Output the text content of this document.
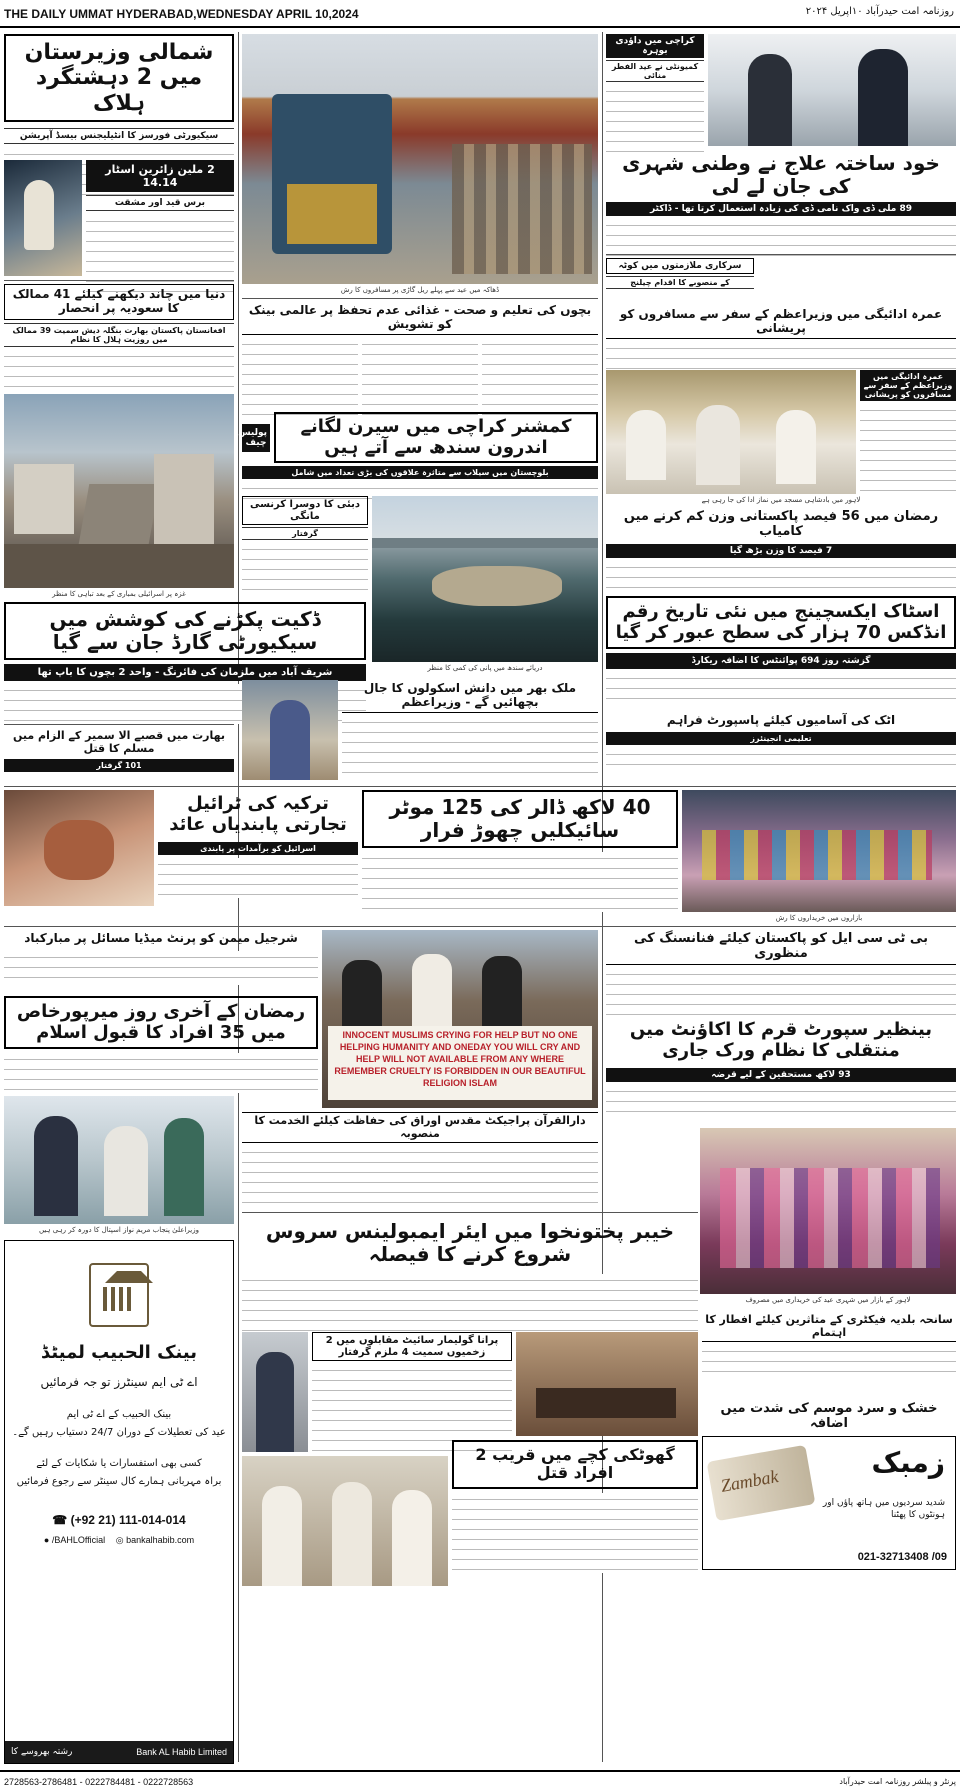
THE DAILY UMMAT HYDERABAD,WEDNESDAY APRIL 10,2024	روزنامہ امت حیدرآباد ۱۰اپریل ۲۰۲۴
شمالی وزیرستان میں 2 دہشتگرد ہلاک
سیکیورٹی فورسز کا انٹیلیجنس بیسڈ آپریشن
2 ملین زائرین اسٹار 14.14
برس قید اور مشقت
دنیا میں چاند دیکھنے کیلئے 41 ممالک کا سعودیہ پر انحصار
افغانستان پاکستان بھارت بنگلہ دیش سمیت 39 ممالک میں روزیت ہلال کا نظام
غزہ پر اسرائیلی بمباری کے بعد تباہی کا منظر
ڈھاکہ میں عید سے پہلے ریل گاڑی پر مسافروں کا رش
بچوں کی تعلیم و صحت - غذائی عدم تحفظ پر عالمی بینک کو تشویش
کمشنر کراچی میں سیرن لگانے اندرون سندھ سے آتے ہیں
پولیس چیف
بلوچستان میں سیلاب سے متاثرہ علاقوں کی بڑی تعداد میں شامل
دبئی کا دوسرا کرنسی مانگی
گرفتار
دریائے سندھ میں پانی کی کمی کا منظر
کراچی میں داؤدی بوہرہ
کمیونٹی نے عید الفطر منائی
خود ساختہ علاج نے وطنی شہری کی جان لے لی
89 ملی ڈی واک نامی ڈی کی زیادہ استعمال کرتا تھا - ڈاکٹر
سرکاری ملازمتوں میں کوٹہ
کے منصوبے کا اقدام چیلنج
عمرہ ادائیگی میں وزیراعظم کے سفر سے مسافروں کو پریشانی
عمرہ ادائیگی میں وزیراعظم کے سفر سے مسافروں کو پریشانی
لاہور میں بادشاہی مسجد میں نماز ادا کی جا رہی ہے
رمضان میں 56 فیصد پاکستانی وزن کم کرنے میں کامیاب
7 فیصد کا وزن بڑھ گیا
ڈکیت پکڑنے کی کوشش میں سیکیورٹی گارڈ جان سے گیا
شریف آباد میں ملزمان کی فائرنگ - واحد 2 بچوں کا باپ تھا
اسٹاک ایکسچینج میں نئی تاریخ رقم انڈکس 70 ہزار کی سطح عبور کر گیا
گزشتہ روز 694 پوائنٹس کا اضافہ ریکارڈ
بھارت میں قصبے الا سمیر کے الزام میں مسلم کا قتل
101 گرفتار
ملک بھر میں دانش اسکولوں کا جال بچھائیں گے - وزیراعظم
اٹک کی آسامیوں کیلئے پاسپورٹ فراہم
تعلیمی انجینئرز
ترکیہ کی ٹرائیل تجارتی پابندیاں عائد
اسرائیل کو برآمدات پر پابندی
40 لاکھ ڈالر کی 125 موٹر سائیکلیں چھوڑ فرار
بازاروں میں خریداروں کا رش
شرجیل میمن کو پرنٹ میڈیا مسائل پر مبارکباد
INNOCENT MUSLIMS CRYING FOR HELP BUT NO ONE HELPING HUMANITY AND ONEDAY YOU WILL CRY AND HELP WILL NOT AVAILABLE FROM ANY WHERE REMEMBER CRUELTY IS FORBIDDEN IN OUR BEAUTIFUL RELIGION ISLAM
بی ٹی سی ایل کو پاکستان کیلئے فنانسنگ کی منظوری
رمضان کے آخری روز میرپورخاص میں 35 افراد کا قبول اسلام	بینظیر سپورٹ قرم کا اکاؤنٹ میں منتقلی کا نظام ورک جاری
93 لاکھ مستحقین کے لیے قرضہ
وزیراعلیٰ پنجاب مریم نواز اسپتال کا دورہ کر رہی ہیں
دارالقرآن پراجیکٹ مقدس اوراق کی حفاظت کیلئے الخدمت کا منصوبہ
لاہور کے بازار میں شہری عید کی خریداری میں مصروف
خیبر پختونخوا میں ایئر ایمبولینس سروس شروع کرنے کا فیصلہ
بینک الحبیب لمیٹڈ
اے ٹی ایم سینٹرز تو جہ فرمائیں
بینک الحبیب کے اے ٹی ایم
عید کی تعطیلات کے دوران 24/7 دستیاب رہیں گے۔
کسی بھی استفسارات یا شکایات کے لئے
براہ مہربانی ہمارے کال سینٹر سے رجوع فرمائیں
☎ (+92 21) 111-014-014
● /BAHLOfficial ◎ bankalhabib.com
Bank AL Habib Limited
رشتہ بھروسے کا
پرانا گولیمار سائیٹ مقابلوں میں 2 زخمیوں سمیت 4 ملزم گرفتار
سانحہ بلدیہ فیکٹری کے متاثرین کیلئے افطار کا اہتمام
خشک و سرد موسم کی شدت میں اضافہ
گھوٹکی کچے میں قریب 2 افراد قتل	Zambak
زمبک
شدید سردیوں میں ہاتھ پاؤں اور ہونٹوں کا پھٹنا
021-32713408 /09
2728563-2786481 - 0222784481 - 0222728563	پرنٹر و پبلشر روزنامہ امت حیدرآباد
